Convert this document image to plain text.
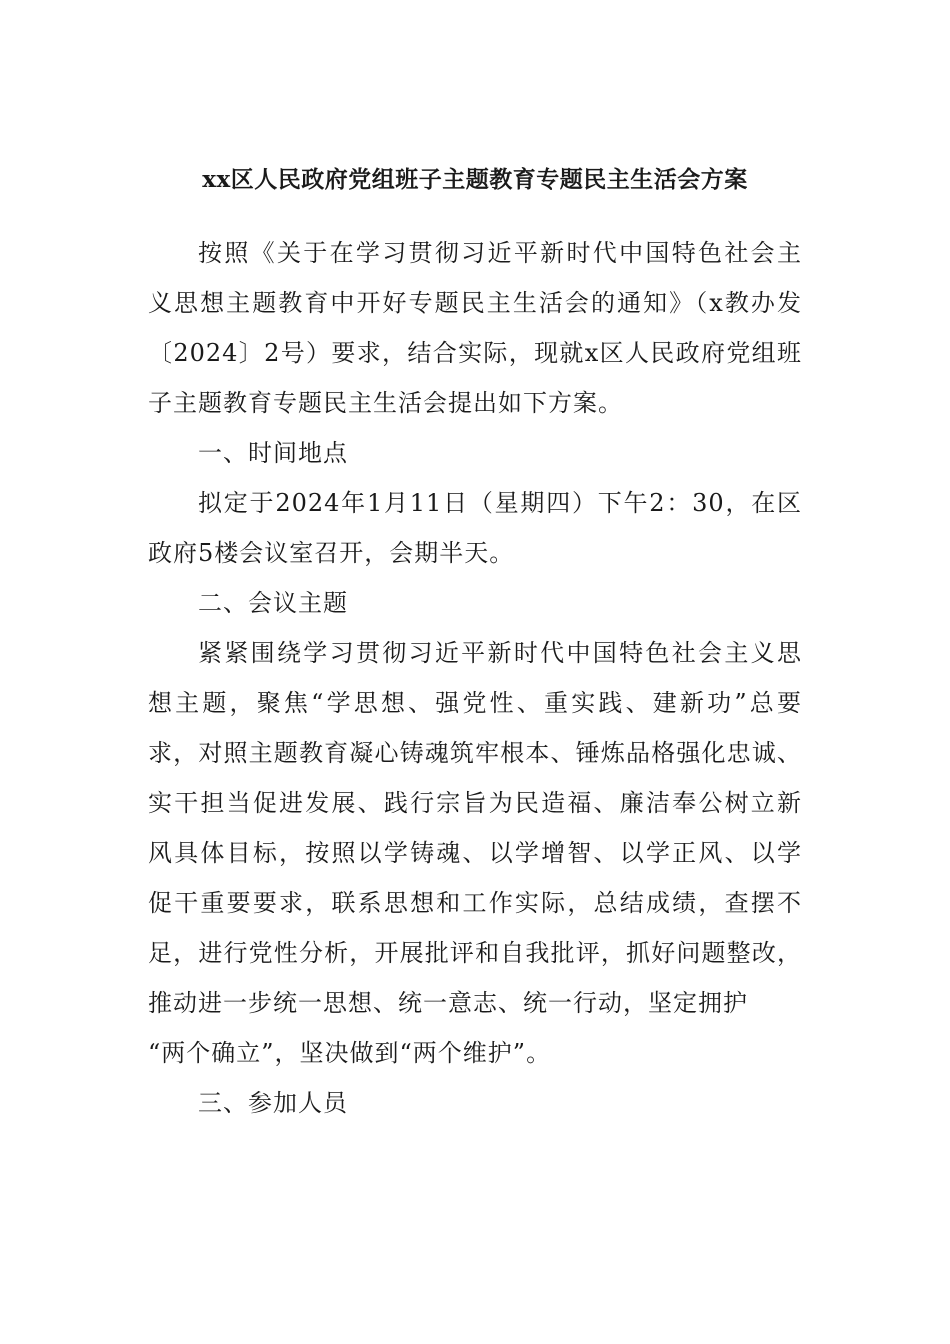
xx区人民政府党组班子主题教育专题民主生活会方案
按照《关于在学习贯彻习近平新时代中国特色社会主
义思想主题教育中开好专题民主生活会的通知》（x教办发
〔2024〕2号）要求，结合实际，现就x区人民政府党组班
子主题教育专题民主生活会提出如下方案。
一、时间地点
拟定于2024年1月11日（星期四）下午2：30，在区
政府5楼会议室召开，会期半天。
二、会议主题
紧紧围绕学习贯彻习近平新时代中国特色社会主义思
想主题，聚焦“学思想、强党性、重实践、建新功”总要
求，对照主题教育凝心铸魂筑牢根本、锤炼品格强化忠诚、
实干担当促进发展、践行宗旨为民造福、廉洁奉公树立新
风具体目标，按照以学铸魂、以学增智、以学正风、以学
促干重要要求，联系思想和工作实际，总结成绩，查摆不
足，进行党性分析，开展批评和自我批评，抓好问题整改，
推动进一步统一思想、统一意志、统一行动，坚定拥护
“两个确立”，坚决做到“两个维护”。
三、参加人员
